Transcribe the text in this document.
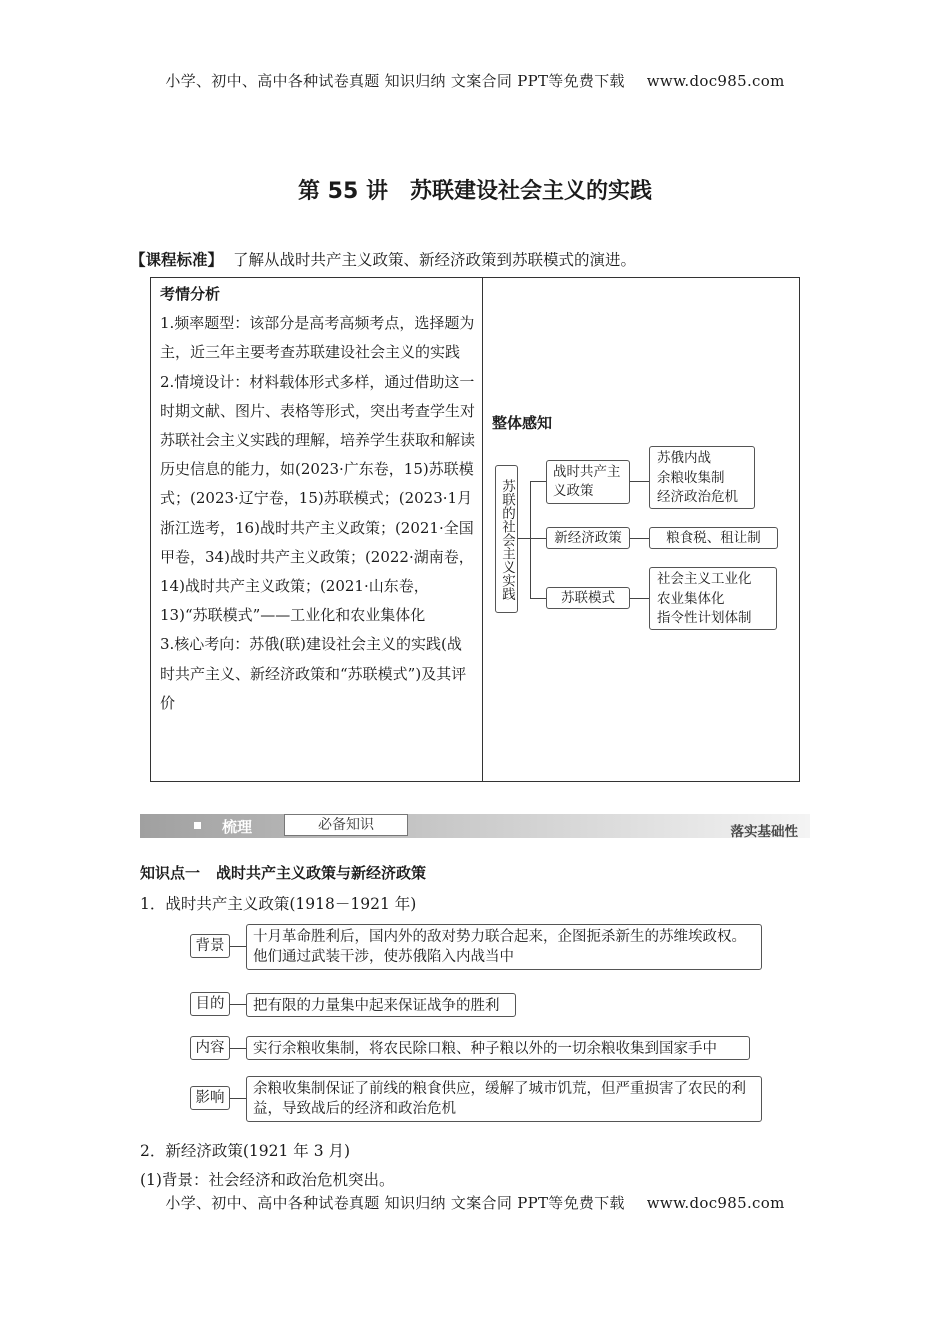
小学、初中、高中各种试卷真题 知识归纳 文案合同 PPT等免费下载 www.doc985.com
第 55 讲 苏联建设社会主义的实践
【课程标准】 了解从战时共产主义政策、新经济政策到苏联模式的演进。
考情分析

1.频率题型：该部分是高考高频考点，选择题为主，近三年主要考查苏联建设社会主义的实践

2.情境设计：材料载体形式多样，通过借助这一时期文献、图片、表格等形式，突出考查学生对苏联社会主义实践的理解，培养学生获取和解读历史信息的能力，如(2023·广东卷，15)苏联模式；(2023·辽宁卷，15)苏联模式；(2023·1月浙江选考，16)战时共产主义政策；(2021·全国甲卷，34)战时共产主义政策；(2022·湖南卷，14)战时共产主义政策；(2021·山东卷，13)“苏联模式”——工业化和农业集体化

3.核心考向：苏俄(联)建设社会主义的实践(战时共产主义、新经济政策和“苏联模式”)及其评价

整体感知
苏联的社会主义实践
战时共产主义政策
新经济政策
苏联模式
苏俄内战
余粮收集制
经济政治危机
粮食税、租让制
社会主义工业化
农业集体化
指令性计划体制
梳理	必备知识	落实基础性
知识点一 战时共产主义政策与新经济政策
1．战时共产主义政策(1918－1921 年)
背景
十月革命胜利后，国内外的敌对势力联合起来，企图扼杀新生的苏维埃政权。他们通过武装干涉，使苏俄陷入内战当中
目的	把有限的力量集中起来保证战争的胜利
内容	实行余粮收集制，将农民除口粮、种子粮以外的一切余粮收集到国家手中
影响
余粮收集制保证了前线的粮食供应，缓解了城市饥荒，但严重损害了农民的利益，导致战后的经济和政治危机
2．新经济政策(1921 年 3 月)
(1)背景：社会经济和政治危机突出。
小学、初中、高中各种试卷真题 知识归纳 文案合同 PPT等免费下载 www.doc985.com
